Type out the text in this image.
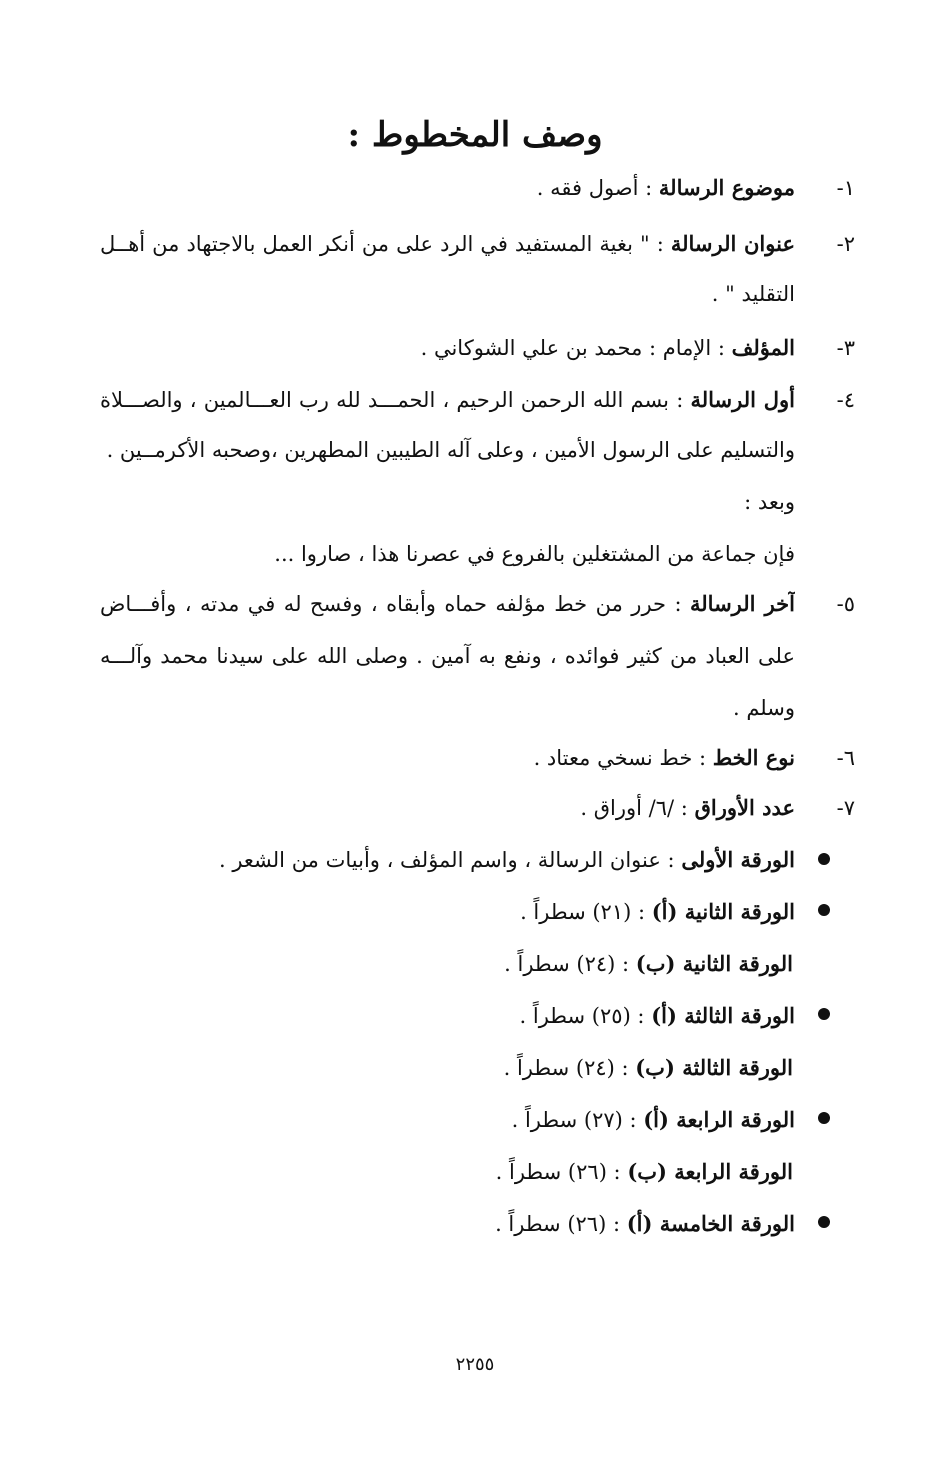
وصف المخطوط :
١-
موضوع الرسالة : أصول فقه .
٢-
عنوان الرسالة : " بغية المستفيد في الرد على من أنكر العمل بالاجتهاد من أهــل
التقليد " .
٣-
المؤلف : الإمام : محمد بن علي الشوكاني .
٤-
أول الرسالة : بسم الله الرحمن الرحيم ، الحمـــد لله رب العـــالمين ، والصـــلاة
والتسليم على الرسول الأمين ، وعلى آله الطيبين المطهرين ،وصحبه الأكرمــين .
وبعد :
فإن جماعة من المشتغلين بالفروع في عصرنا هذا ، صاروا ...
٥-
آخر الرسالة : حرر من خط مؤلفه حماه وأبقاه ، وفسح له في مدته ، وأفـــاض
على العباد من كثير فوائده ، ونفع به آمين . وصلى الله على سيدنا محمد وآلـــه
وسلم .
٦-
نوع الخط : خط نسخي معتاد .
٧-
عدد الأوراق : /٦/ أوراق .
الورقة الأولى : عنوان الرسالة ، واسم المؤلف ، وأبيات من الشعر .
الورقة الثانية (أ) : (٢١) سطراً .
الورقة الثانية (ب) : (٢٤) سطراً .
الورقة الثالثة (أ) : (٢٥) سطراً .
الورقة الثالثة (ب) : (٢٤) سطراً .
الورقة الرابعة (أ) : (٢٧) سطراً .
الورقة الرابعة (ب) : (٢٦) سطراً .
الورقة الخامسة (أ) : (٢٦) سطراً .
٢٢٥٥
